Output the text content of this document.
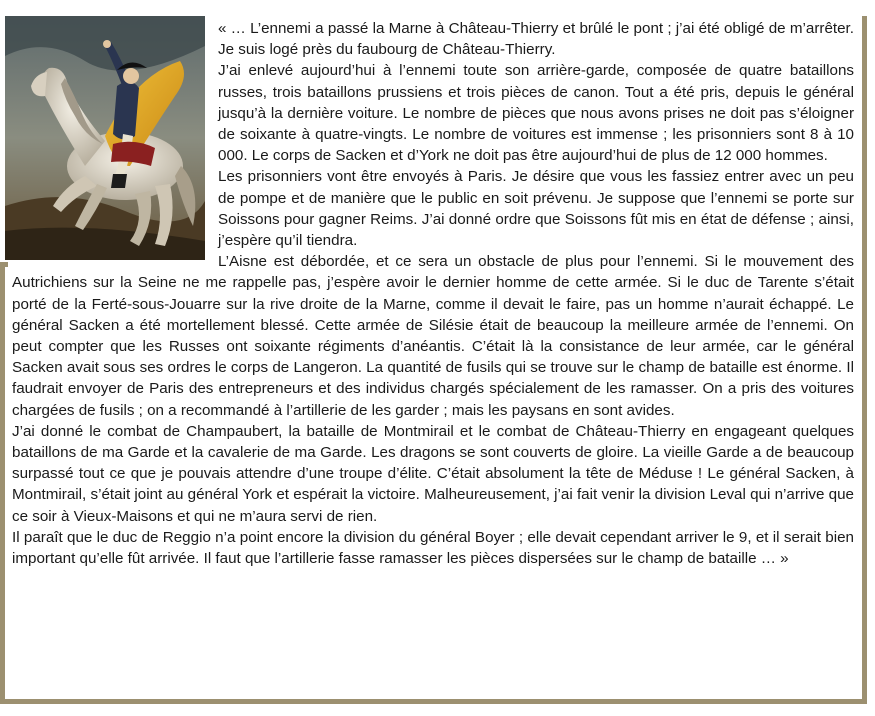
« … L’ennemi a passé la Marne à Château-Thierry et brûlé le pont ; j’ai été obligé de m’arrêter. Je suis logé près du faubourg de Château-Thierry.

J’ai enlevé aujourd’hui à l’ennemi toute son arrière-garde, composée de quatre bataillons russes, trois bataillons prussiens et trois pièces de canon. Tout a été pris, depuis le général jusqu’à la dernière voiture. Le nombre de pièces que nous avons prises ne doit pas s’éloigner de soixante à quatre-vingts. Le nombre de voitures est immense ; les prisonniers sont 8 à 10 000. Le corps de Sacken et d’York ne doit pas être aujourd’hui de plus de 12 000 hommes.

Les prisonniers vont être envoyés à Paris. Je désire que vous les fassiez entrer avec un peu de pompe et de manière que le public en soit prévenu. Je suppose que l’ennemi se porte sur Soissons pour gagner Reims. J’ai donné ordre que Soissons fût mis en état de défense ; ainsi, j’espère qu’il tiendra.

L’Aisne est débordée, et ce sera un obstacle de plus pour l’ennemi. Si le mouvement des Autrichiens sur la Seine ne me rappelle pas, j’espère avoir le dernier homme de cette armée. Si le duc de Tarente s’était porté de la Ferté-sous-Jouarre sur la rive droite de la Marne, comme il devait le faire, pas un homme n’aurait échappé. Le général Sacken a été mortellement blessé. Cette armée de Silésie était de beaucoup la meilleure armée de l’ennemi. On peut compter que les Russes ont soixante régiments d’anéantis. C’était là la consistance de leur armée, car le général Sacken avait sous ses ordres le corps de Langeron. La quantité de fusils qui se trouve sur le champ de bataille est énorme. Il faudrait envoyer de Paris des entrepreneurs et des individus chargés spécialement de les ramasser. On a pris des voitures chargées de fusils ; on a recommandé à l’artillerie de les garder ; mais les paysans en sont avides.

J’ai donné le combat de Champaubert, la bataille de Montmirail et le combat de Château-Thierry en engageant quelques bataillons de ma Garde et la cavalerie de ma Garde. Les dragons se sont couverts de gloire. La vieille Garde a de beaucoup surpassé tout ce que je pouvais attendre d’une troupe d’élite. C’était absolument la tête de Méduse ! Le général Sacken, à Montmirail, s’était joint au général York et espérait la victoire. Malheureusement, j’ai fait venir la division Leval qui n’arrive que ce soir à Vieux-Maisons et qui ne m’aura servi de rien.

Il paraît que le duc de Reggio n’a point encore la division du général Boyer ; elle devait cependant arriver le 9, et il serait bien important qu’elle fût arrivée. Il faut que l’artillerie fasse ramasser les pièces dispersées sur le champ de bataille … »
